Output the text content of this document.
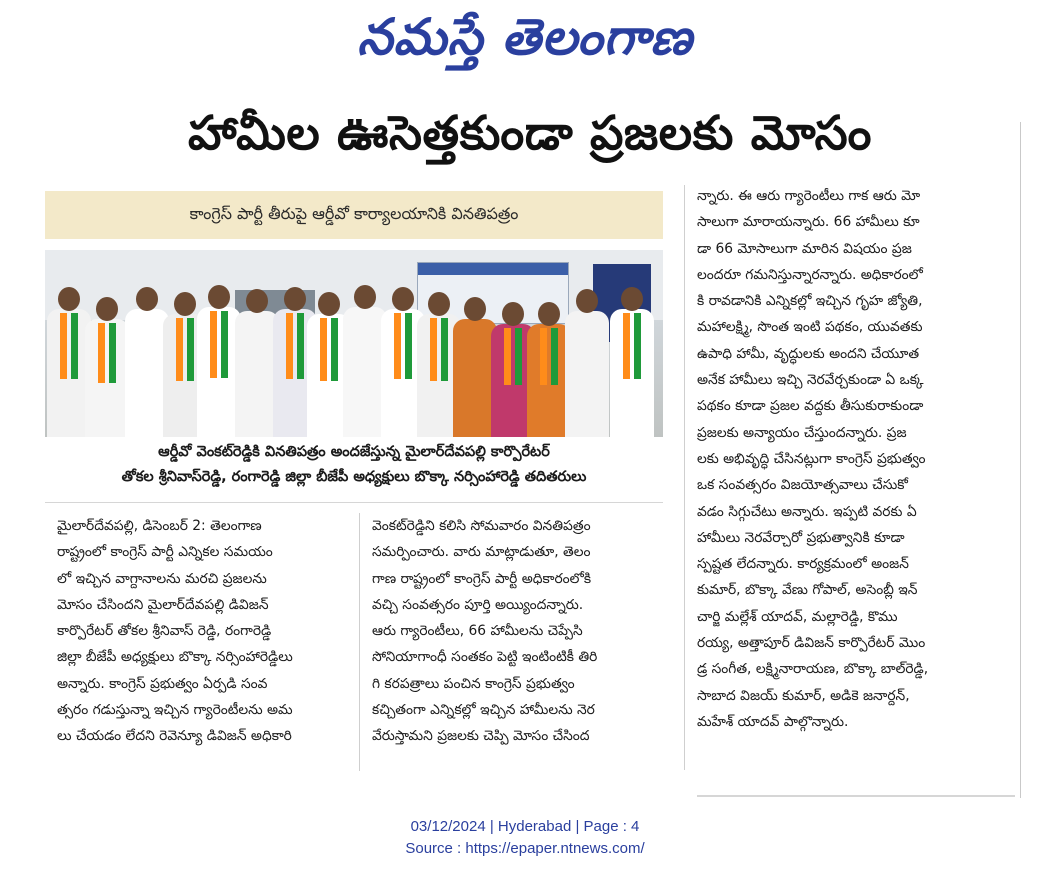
నమస్తే తెలంగాణ
హామీల ఊసెత్తకుండా ప్రజలకు మోసం
కాంగ్రెస్ పార్టీ తీరుపై ఆర్డీవో కార్యాలయానికి వినతిపత్రం
ఆర్డీవో వెంకట్‌రెడ్డికి వినతిపత్రం అందజేస్తున్న మైలార్‌దేవపల్లి కార్పొరేటర్
తోకల శ్రీనివాస్‌రెడ్డి, రంగారెడ్డి జిల్లా బీజేపీ అధ్యక్షులు బొక్కా నర్సింహారెడ్డి తదితరులు

మైలార్‌దేవపల్లి, డిసెంబర్ 2: తెలంగాణ

రాష్ట్రంలో కాంగ్రెస్ పార్టీ ఎన్నికల సమయం

లో ఇచ్చిన వాగ్దానాలను మరచి ప్రజలను

మోసం చేసిందని మైలార్‌దేవపల్లి డివిజన్

కార్పొరేటర్ తోకల శ్రీనివాస్ రెడ్డి, రంగారెడ్డి

జిల్లా బీజేపీ అధ్యక్షులు బొక్కా నర్సింహారెడ్డిలు

అన్నారు. కాంగ్రెస్ ప్రభుత్వం ఏర్పడి సంవ

త్సరం గడుస్తున్నా ఇచ్చిన గ్యారెంటీలను అమ

లు చేయడం లేదని రెవెన్యూ డివిజన్ అధికారి

వెంకట్‌రెడ్డిని కలిసి సోమవారం వినతిపత్రం

సమర్పించారు. వారు మాట్లాడుతూ, తెలం

గాణ రాష్ట్రంలో కాంగ్రెస్ పార్టీ అధికారంలోకి

వచ్చి సంవత్సరం పూర్తి అయ్యిందన్నారు.

ఆరు గ్యారెంటీలు, 66 హామీలను చెప్పేసి

సోనియాగాంధీ సంతకం పెట్టి ఇంటింటికీ తిరి

గి కరపత్రాలు పంచిన కాంగ్రెస్ ప్రభుత్వం

కచ్చితంగా ఎన్నికల్లో ఇచ్చిన హామీలను నెర

వేరుస్తామని ప్రజలకు చెప్పి మోసం చేసింద

న్నారు. ఈ ఆరు గ్యారెంటీలు గాక ఆరు మో

సాలుగా మారాయన్నారు. 66 హామీలు కూ

డా 66 మోసాలుగా మారిన విషయం ప్రజ

లందరూ గమనిస్తున్నారన్నారు. అధికారంలో

కి రావడానికి ఎన్నికల్లో ఇచ్చిన గృహ జ్యోతి,

మహాలక్ష్మి, సొంత ఇంటి పథకం, యువతకు

ఉపాధి హామీ, వృద్ధులకు అందని చేయూత

అనేక హామీలు ఇచ్చి నెరవేర్చకుండా ఏ ఒక్క

పథకం కూడా ప్రజల వద్దకు తీసుకురాకుండా

ప్రజలకు అన్యాయం చేస్తుందన్నారు. ప్రజ

లకు అభివృద్ధి చేసినట్లుగా కాంగ్రెస్ ప్రభుత్వం

ఒక సంవత్సరం విజయోత్సవాలు చేసుకో

వడం సిగ్గుచేటు అన్నారు. ఇప్పటి వరకు ఏ

హామీలు నెరవేర్చారో ప్రభుత్వానికి కూడా

స్పష్టత లేదన్నారు. కార్యక్రమంలో అంజన్

కుమార్, బొక్కా వేణు గోపాల్, అసెంబ్లీ ఇన్

చార్జి మల్లేశ్ యాదవ్, మల్లారెడ్డి, కొము

రయ్య, అత్తాపూర్ డివిజన్ కార్పొరేటర్ మొం

డ్ర సంగీత, లక్ష్మినారాయణ, బొక్కా బాల్‌రెడ్డి,

సాబాద విజయ్ కుమార్, అడికె జనార్దన్,

మహేశ్ యాదవ్ పాల్గొన్నారు.

03/12/2024 | Hyderabad | Page : 4
Source : https://epaper.ntnews.com/
